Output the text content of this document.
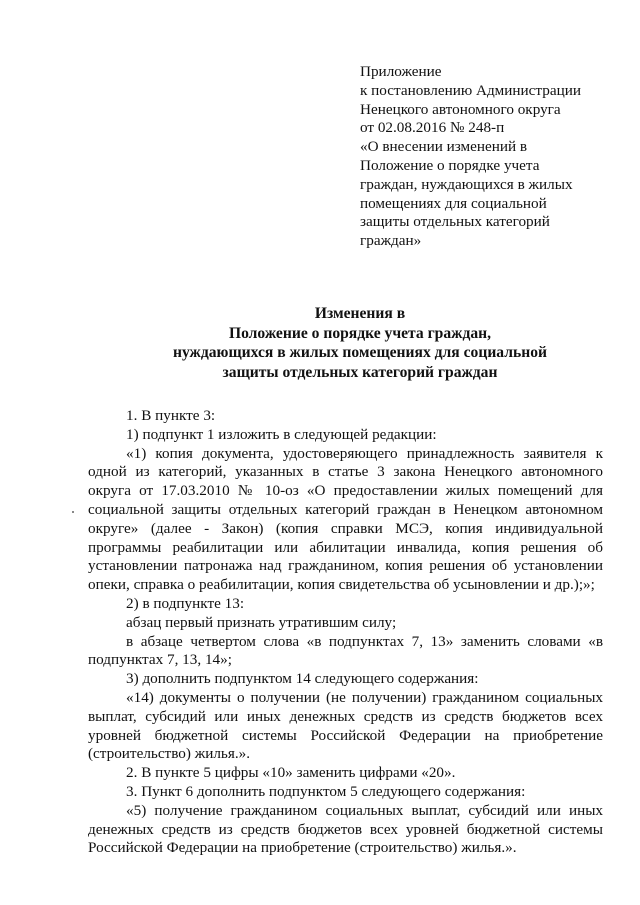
Приложение
к постановлению Администрации
Ненецкого автономного округа
от 02.08.2016 № 248-п
«О внесении изменений в
Положение о порядке учета
граждан, нуждающихся в жилых
помещениях для социальной
защиты отдельных категорий
граждан»
Изменения в
Положение о порядке учета граждан,
нуждающихся в жилых помещениях для социальной
защиты отдельных категорий граждан

1. В пункте 3:

1) подпункт 1 изложить в следующей редакции:

«1) копия документа, удостоверяющего принадлежность заявителя к одной из категорий, указанных в статье 3 закона Ненецкого автономного округа от 17.03.2010 № 10-оз «О предоставлении жилых помещений для социальной защиты отдельных категорий граждан в Ненецком автономном округе» (далее - Закон) (копия справки МСЭ, копия индивидуальной программы реабилитации или абилитации инвалида, копия решения об установлении патронажа над гражданином, копия решения об установлении опеки, справка о реабилитации, копия свидетельства об усыновлении и др.);»;

2) в подпункте 13:

абзац первый признать утратившим силу;

в абзаце четвертом слова «в подпунктах 7, 13» заменить словами «в подпунктах 7, 13, 14»;

3) дополнить подпунктом 14 следующего содержания:

«14) документы о получении (не получении) гражданином социальных выплат, субсидий или иных денежных средств из средств бюджетов всех уровней бюджетной системы Российской Федерации на приобретение (строительство) жилья.».

2. В пункте 5 цифры «10» заменить цифрами «20».

3. Пункт 6 дополнить подпунктом 5 следующего содержания:

«5) получение гражданином социальных выплат, субсидий или иных денежных средств из средств бюджетов всех уровней бюджетной системы Российской Федерации на приобретение (строительство) жилья.».
